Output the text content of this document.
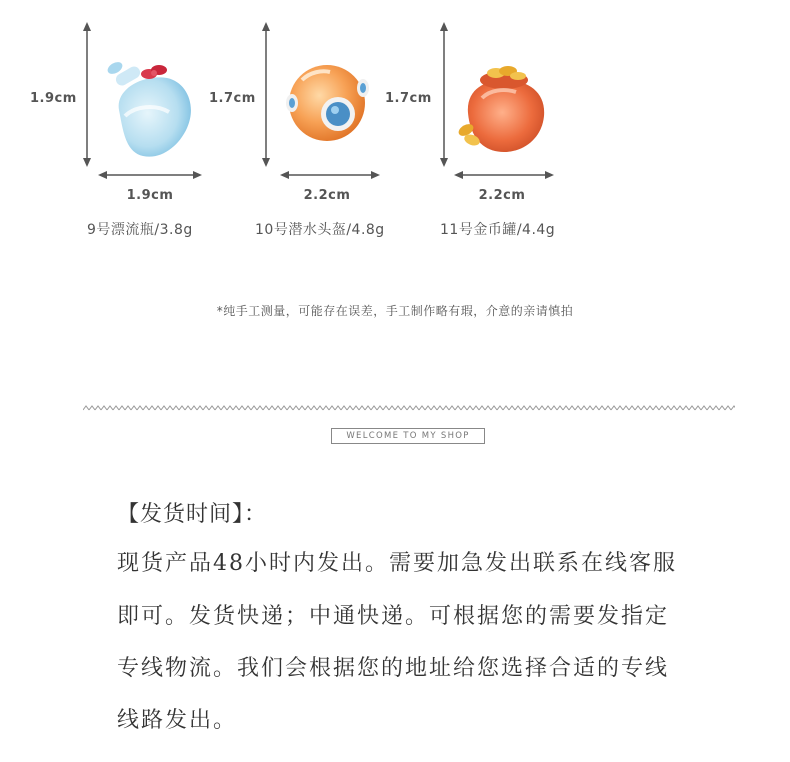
1.9cm
1.9cm
9号漂流瓶/3.8g
1.7cm
2.2cm
10号潜水头盔/4.8g
1.7cm
2.2cm
11号金币罐/4.4g
*纯手工测量，可能存在误差，手工制作略有瑕，介意的亲请慎拍
WELCOME TO MY SHOP
【发货时间】：
现货产品48小时内发出。需要加急发出联系在线客服
即可。发货快递；中通快递。可根据您的需要发指定
专线物流。我们会根据您的地址给您选择合适的专线
线路发出。
